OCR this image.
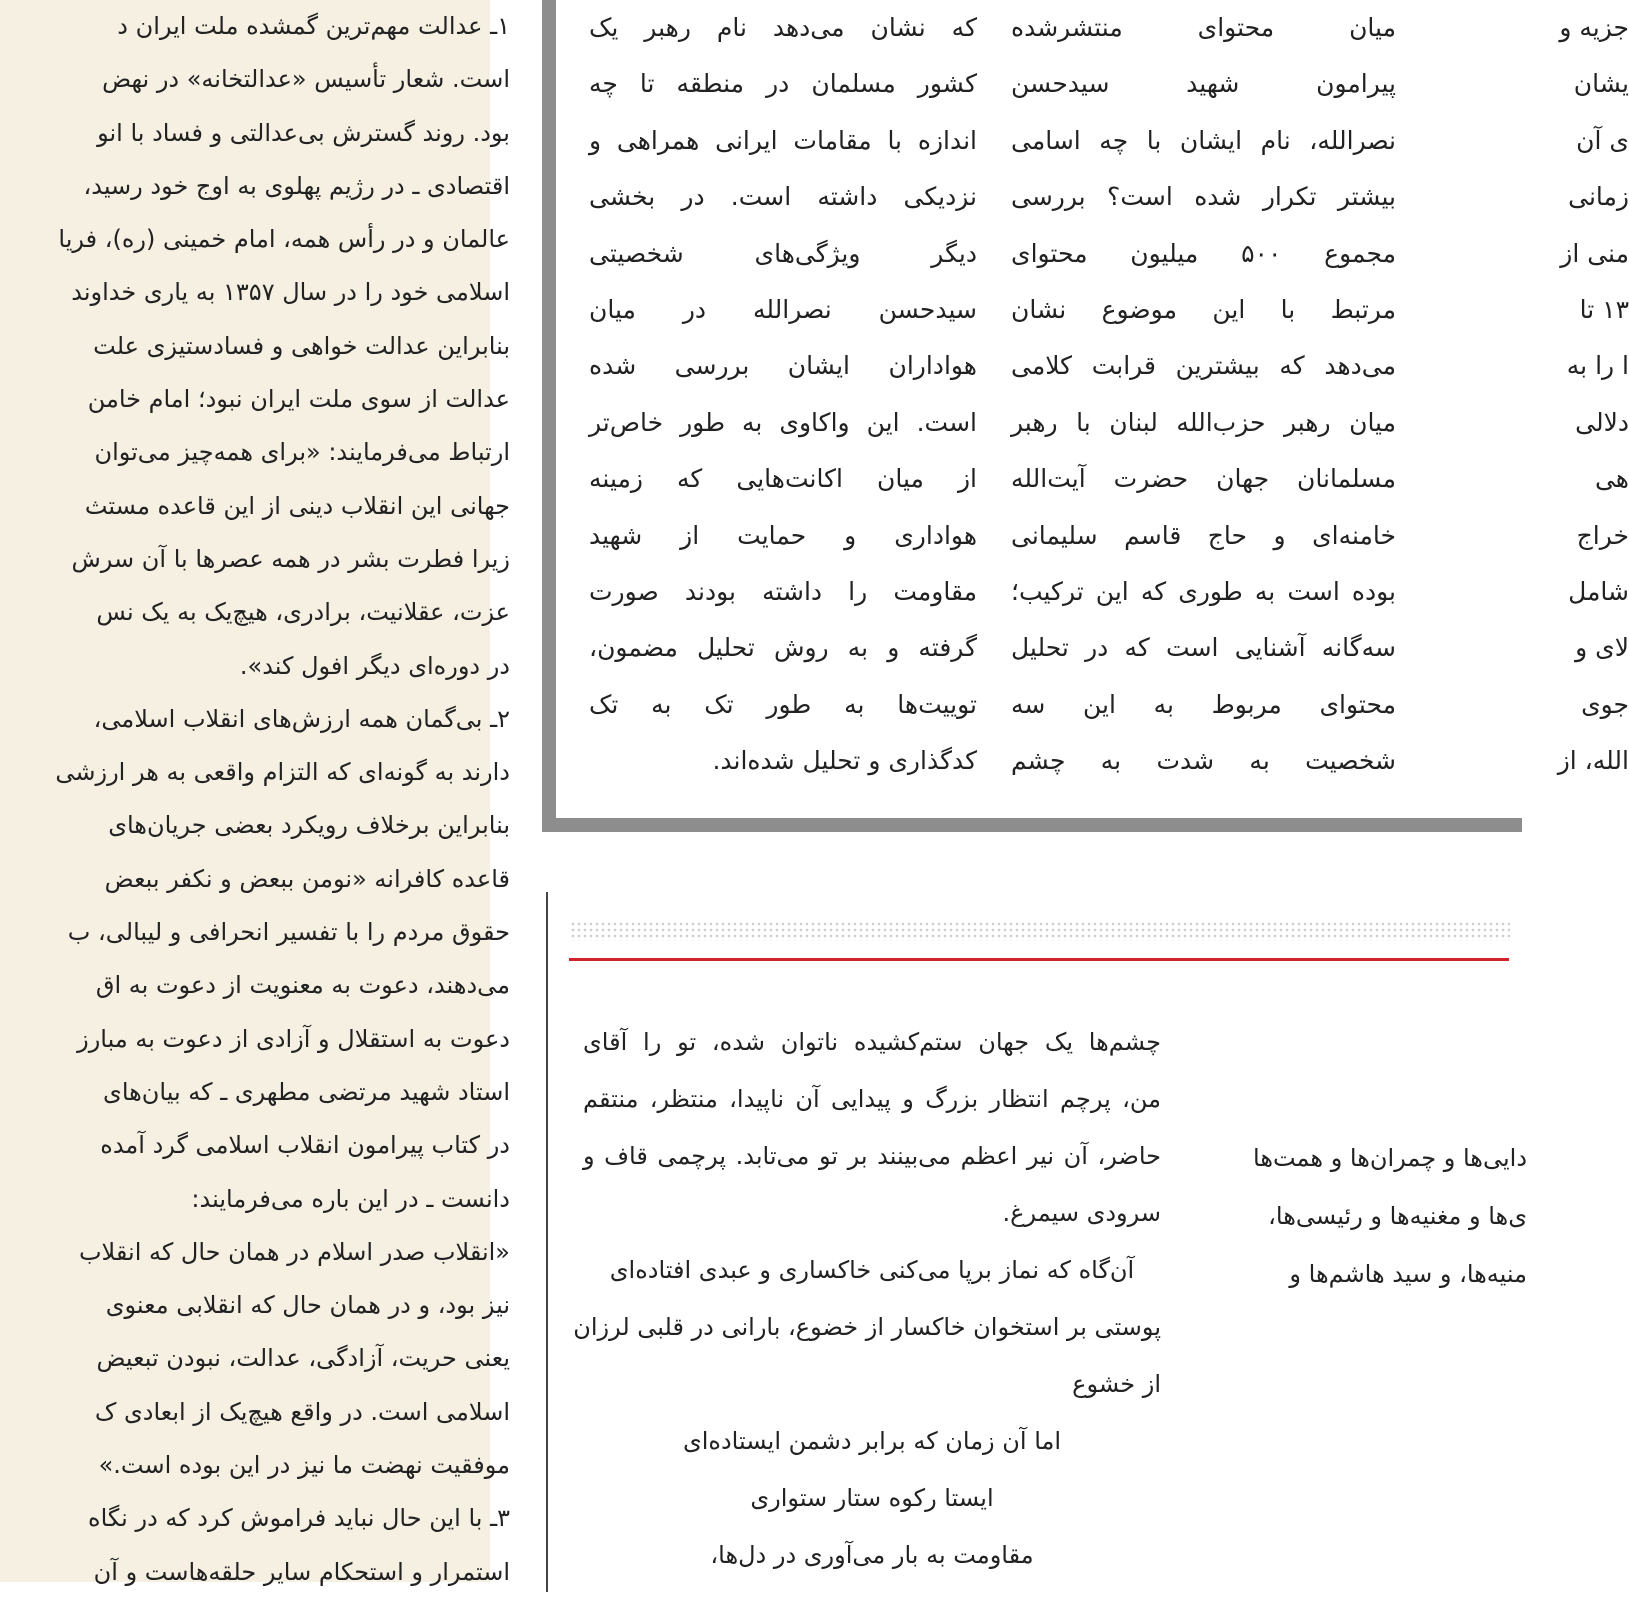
۱ـ عدالت مهم‌ترین گمشده ملت ایران د
است. شعار تأسیس «عدالتخانه» در نهض
بود. روند گسترش بی‌عدالتی و فساد با انو
اقتصادی ـ در رژیم پهلوی به اوج خود رسید،
عالمان و در رأس همه، امام خمینی (ره)، فریا
اسلامی خود را در سال ۱۳۵۷ به یاری خداوند
بنابراین عدالت خواهی و فسادستیزی علت
عدالت از سوی ملت ایران نبود؛ امام خامن
ارتباط می‌فرمایند: «برای همه‌چیز می‌توان
جهانی این انقلاب دینی از این قاعده مستث
زیرا فطرت بشر در همه عصرها با آن سرش
عزت، عقلانیت، برادری، هیچ‌یک به یک نس
در دوره‌ای دیگر افول کند».
۲ـ بی‌گمان همه ارزش‌های انقلاب اسلامی،
دارند به گونه‌ای که التزام واقعی به هر ارزشی
بنابراین برخلاف رویکرد بعضی جریان‌های
قاعده کافرانه «نومن ببعض و نکفر ببعض
حقوق مردم را با تفسیر انحرافی و لیبالی، ب
می‌دهند، دعوت به معنویت از دعوت به اق
دعوت به استقلال و آزادی از دعوت به مبارز
استاد شهید مرتضی مطهری ـ که بیان‌های
در کتاب پیرامون انقلاب اسلامی گرد آمده
دانست ـ در این باره می‌فرمایند:
«انقلاب صدر اسلام در همان حال که انقلاب
نیز بود، و در همان حال که انقلابی معنوی
یعنی حریت، آزادگی، عدالت، نبودن تبعیض
اسلامی است. در واقع هیچ‌یک از ابعادی ک
موفقیت نهضت ما نیز در این بوده است.»
۳ـ با این حال نباید فراموش کرد که در نگاه
استمرار و استحکام سایر حلقه‌هاست و آن
که نشان می‌دهد نام رهبر یک
کشور مسلمان در منطقه تا چه
اندازه با مقامات ایرانی همراهی و
نزدیکی داشته است. در بخشی
دیگر ویژگی‌های شخصیتی
سیدحسن نصرالله در میان
هواداران ایشان بررسی شده
است. این واکاوی به طور خاص‌تر
از میان اکانت‌هایی که زمینه
هواداری و حمایت از شهید
مقاومت را داشته بودند صورت
گرفته و به روش تحلیل مضمون،
توییت‌ها به طور تک به تک
کدگذاری و تحلیل شده‌اند.
میان محتوای منتشرشده
پیرامون شهید سیدحسن
نصرالله، نام ایشان با چه اسامی
بیشتر تکرار شده است؟ بررسی
مجموع ۵۰۰ میلیون محتوای
مرتبط با این موضوع نشان
می‌دهد که بیشترین قرابت کلامی
میان رهبر حزب‌الله لبنان با رهبر
مسلمانان جهان حضرت آیت‌الله
خامنه‌ای و حاج قاسم سلیمانی
بوده است به طوری که این ترکیب؛
سه‌گانه آشنایی است که در تحلیل
محتوای مربوط به این سه
شخصیت به شدت به چشم
جزیه و
یشان
ی آن
زمانی
منی از
۱۳ تا
ا را به
دلالی
هی
خراج
شامل
لای و
جوی
الله، از
چشم‌ها یک جهان ستم‌کشیده ناتوان شده، تو را آقای
من، پرچم انتظار بزرگ و پیدایی آن ناپیدا، منتظر، منتقم
حاضر، آن نیر اعظم می‌بینند بر تو می‌تابد. پرچمی قاف و
سرودی سیمرغ.
آن‌گاه که نماز برپا می‌کنی خاکساری و عبدی افتاده‌ای
پوستی بر استخوان خاکسار از خضوع، بارانی در قلبی لرزان
از خشوع
اما آن زمان که برابر دشمن ایستاده‌ای
ایستا رکوه ستار ستواری
مقاومت به بار می‌آوری در دل‌ها،
دایی‌ها و چمران‌ها و همت‌ها
ی‌ها و مغنیه‌ها و رئیسی‌ها،
منیه‌ها، و سید هاشم‌ها و
